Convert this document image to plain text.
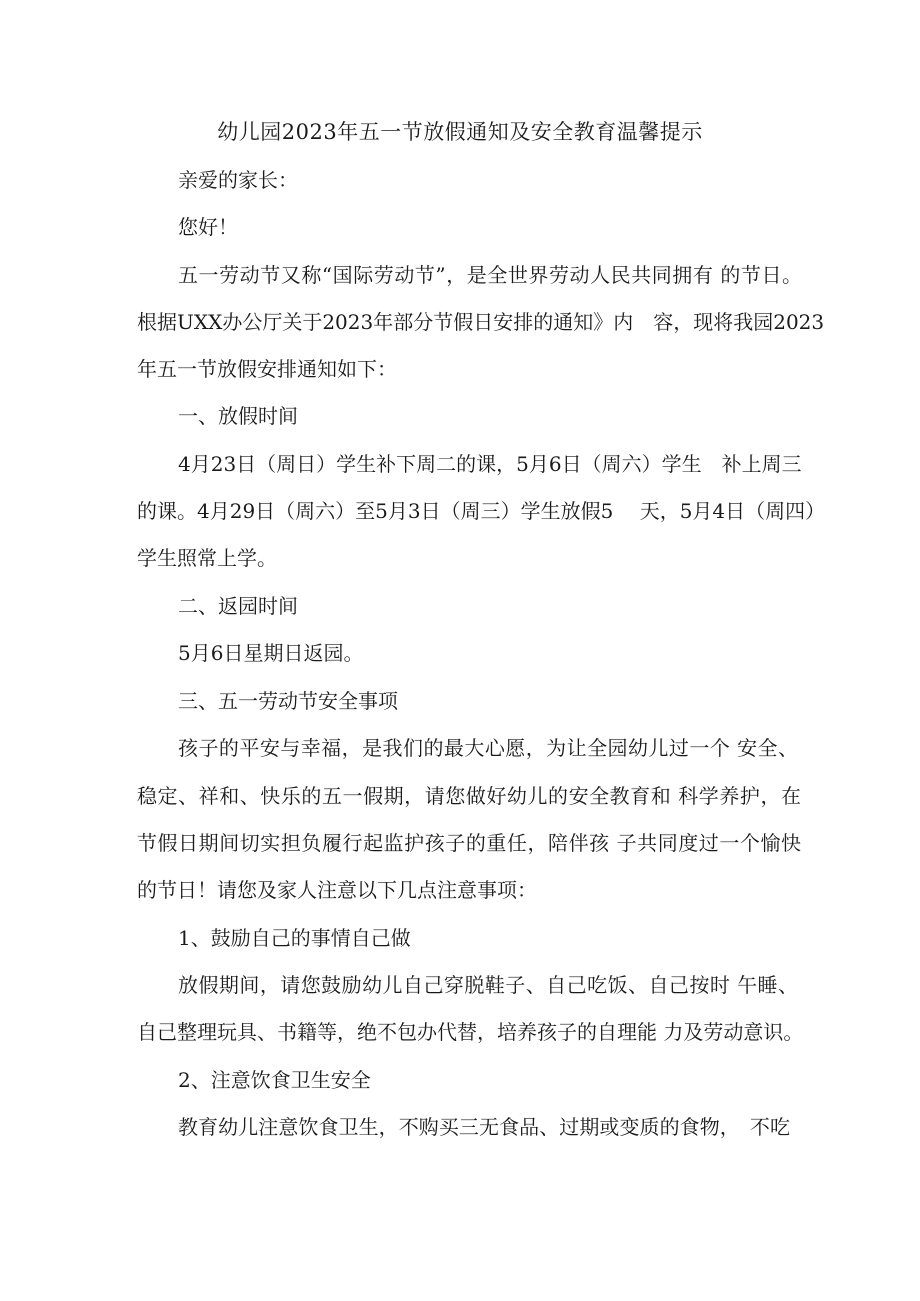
幼儿园2023年五一节放假通知及安全教育温馨提示
亲爱的家长：
您好！
五一劳动节又称“国际劳动节”，是全世界劳动人民共同拥有 的节日。
根据UXX办公厅关于2023年部分节假日安排的通知》内　容，现将我园2023
年五一节放假安排通知如下：
一、放假时间
4月23日（周日）学生补下周二的课，5月6日（周六）学生　补上周三
的课。4月29日（周六）至5月3日（周三）学生放假5　 天，5月4日（周四）
学生照常上学。
二、返园时间
5月6日星期日返园。
三、五一劳动节安全事项
孩子的平安与幸福，是我们的最大心愿，为让全园幼儿过一个 安全、
稳定、祥和、快乐的五一假期，请您做好幼儿的安全教育和 科学养护，在
节假日期间切实担负履行起监护孩子的重任，陪伴孩 子共同度过一个愉快
的节日！请您及家人注意以下几点注意事项：
1、鼓励自己的事情自己做
放假期间，请您鼓励幼儿自己穿脱鞋子、自己吃饭、自己按时 午睡、
自己整理玩具、书籍等，绝不包办代替，培养孩子的自理能 力及劳动意识。
2、注意饮食卫生安全
教育幼儿注意饮食卫生，不购买三无食品、过期或变质的食物，　不吃
